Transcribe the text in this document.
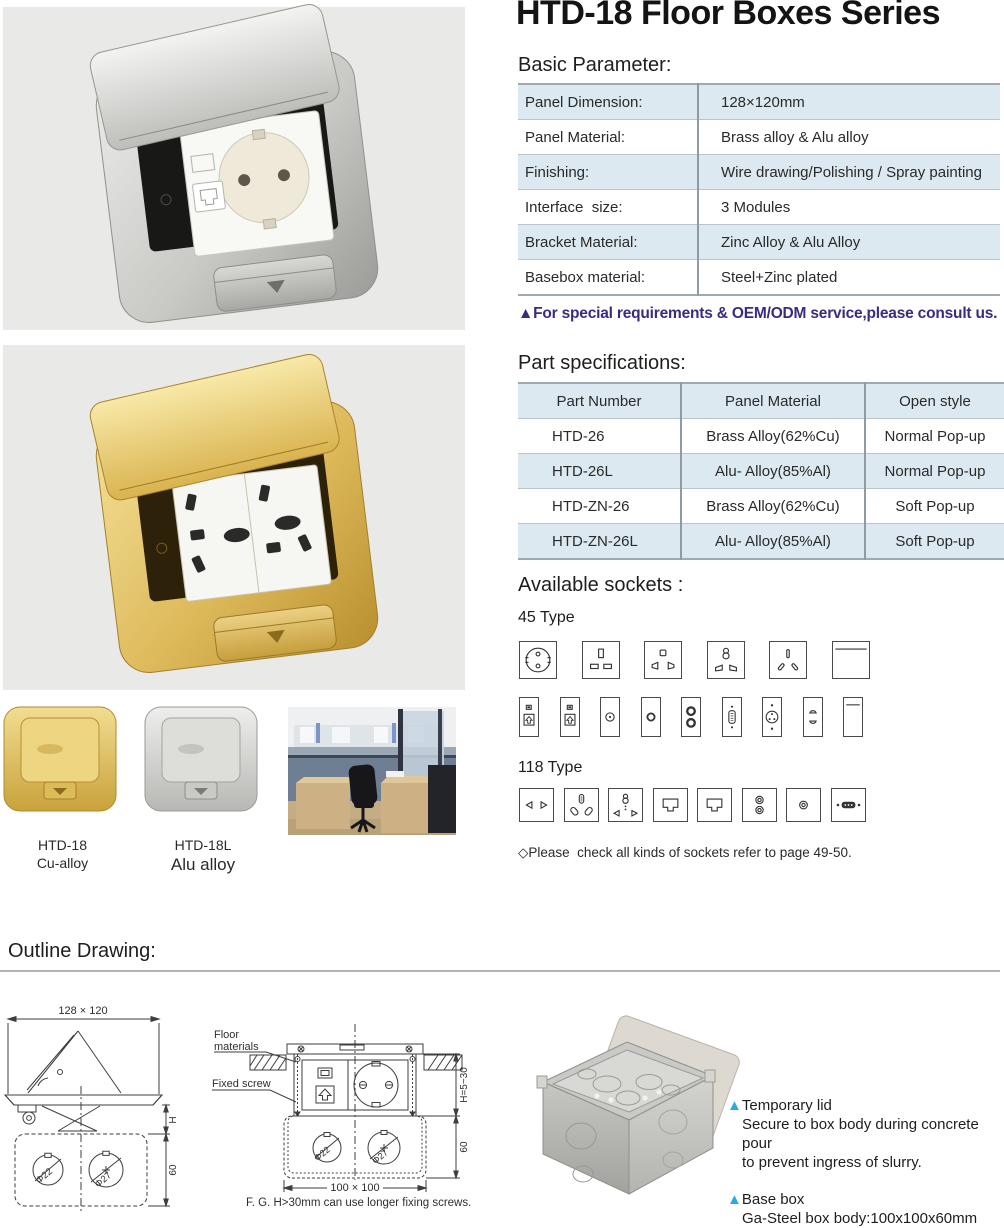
HTD-18 Floor Boxes Series
Basic Parameter:
Panel Dimension:	128×120mm
Panel Material:	Brass alloy & Alu alloy
Finishing:	Wire drawing/Polishing / Spray painting
Interface  size:	3 Modules
Bracket Material:	Zinc Alloy & Alu Alloy
Basebox material:	Steel+Zinc plated
▲For special requirements & OEM/ODM service,please consult us.
Part specifications:
Part Number	Panel Material	Open style
HTD-26	Brass Alloy(62%Cu)	Normal Pop-up
HTD-26L	Alu- Alloy(85%Al)	Normal Pop-up
HTD-ZN-26	Brass Alloy(62%Cu)	Soft Pop-up
HTD-ZN-26L	Alu- Alloy(85%Al)	Soft Pop-up
Available sockets :
45 Type
118 Type
◇Please  check all kinds of sockets refer to page 49-50.
HTD-18
Cu-alloy
HTD-18L
Alu alloy
Outline Drawing:
128 × 120
H
60
Φ22	Φ27
Floor
materials
Fixed screw	H=5~30
60
Φ22	Φ27
100 × 100
F. G. H>30mm can use longer fixing screws.
▲Temporary lid
Secure to box body during concrete pour
to prevent ingress of slurry.
▲Base box
Ga-Steel box body:100x100x60mm
